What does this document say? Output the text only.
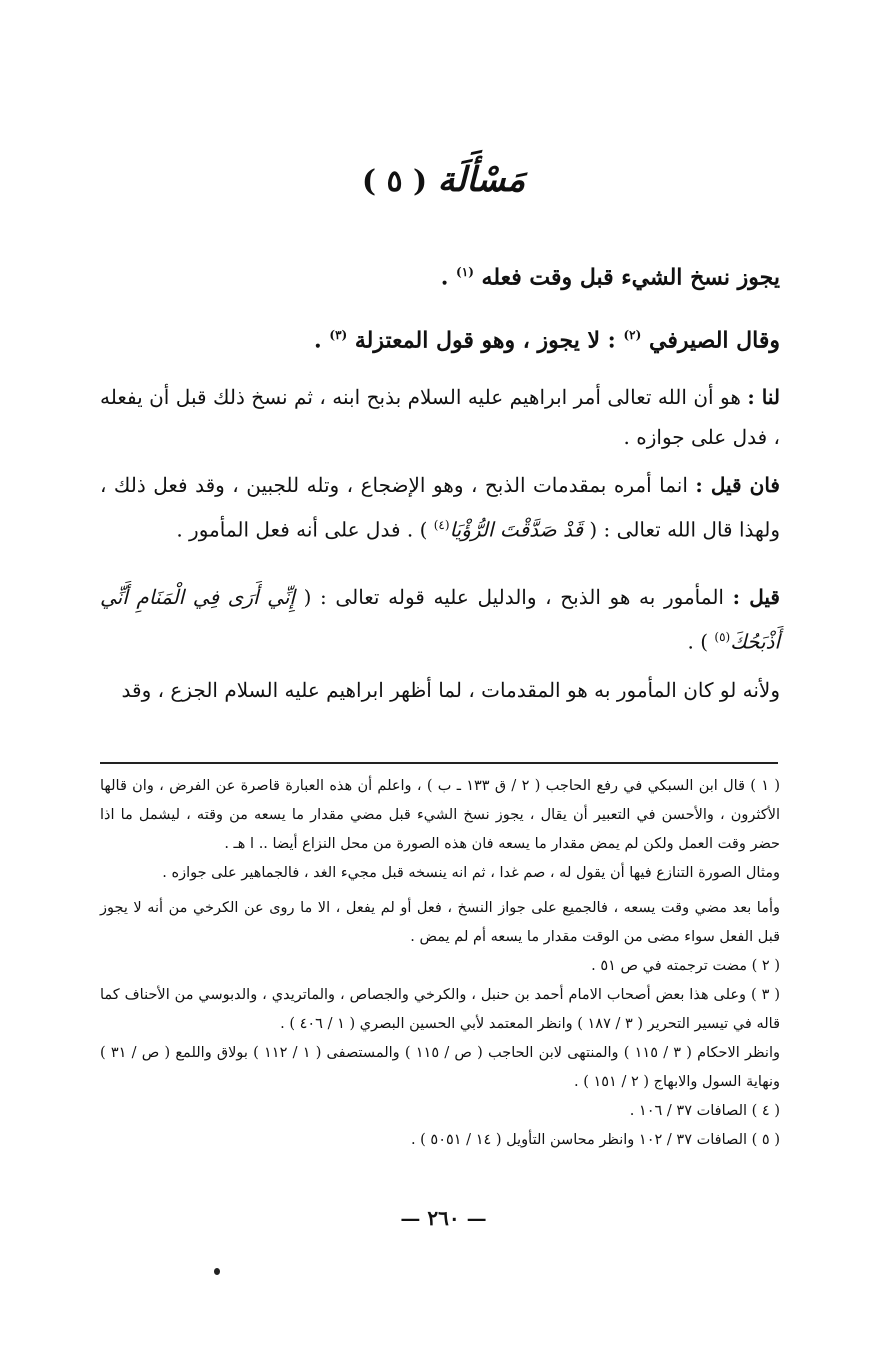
مَسْأَلَة ( ٥ )

يجوز نسخ الشيء قبل وقت فعله $^{(١)}$ .

وقال الصيرفي $^{(٢)}$ : لا يجوز ، وهو قول المعتزلة $^{(٣)}$ .

لنا : هو أن الله تعالى أمر ابراهيم عليه السلام بذبح ابنه ، ثم نسخ ذلك قبل أن يفعله ، فدل على جوازه .

فان قيل : انما أمره بمقدمات الذبح ، وهو الإضجاع ، وتله للجبين ، وقد فعل ذلك ، ولهذا قال الله تعالى : ( قَدْ صَدَّقْتَ الرُّؤْيَا$^{(٤)}$ ) . فدل على أنه فعل المأمور .

قيل : المأمور به هو الذبح ، والدليل عليه قوله تعالى : ( إِنِّي أَرَى فِي الْمَنَامِ أَنِّي أَذْبَحُكَ$^{(٥)}$ ) .

ولأنه لو كان المأمور به هو المقدمات ، لما أظهر ابراهيم عليه السلام الجزع ، وقد

( ١ ) قال ابن السبكي في رفع الحاجب ( ٢ / ق ١٣٣ ـ ب ) ، واعلم أن هذه العبارة قاصرة عن الفرض ، وان قالها الأكثرون ، والأحسن في التعبير أن يقال ، يجوز نسخ الشيء قبل مضي مقدار ما يسعه من وقته ، ليشمل ما اذا حضر وقت العمل ولكن لم يمض مقدار ما يسعه فان هذه الصورة من محل النزاع أيضا .. ا هـ .

ومثال الصورة التنازع فيها أن يقول له ، صم غدا ، ثم انه ينسخه قبل مجيء الغد ، فالجماهير على جوازه .

وأما بعد مضي وقت يسعه ، فالجميع على جواز النسخ ، فعل أو لم يفعل ، الا ما روى عن الكرخي من أنه لا يجوز قبل الفعل سواء مضى من الوقت مقدار ما يسعه أم لم يمض .

( ٢ ) مضت ترجمته في ص ٥١ .

( ٣ ) وعلى هذا بعض أصحاب الامام أحمد بن حنبل ، والكرخي والجصاص ، والماتريدي ، والدبوسي من الأحناف كما قاله في تيسير التحرير ( ٣ / ١٨٧ ) وانظر المعتمد لأبي الحسين البصري ( ١ / ٤٠٦ ) .

وانظر الاحكام ( ٣ / ١١٥ ) والمنتهى لابن الحاجب ( ص / ١١٥ ) والمستصفى ( ١ / ١١٢ ) بولاق واللمع ( ص / ٣١ ) ونهاية السول والابهاج ( ٢ / ١٥١ ) .

( ٤ ) الصافات ٣٧ / ١٠٦ .

( ٥ ) الصافات ٣٧ / ١٠٢ وانظر محاسن التأويل ( ١٤ / ٥٠٥١ ) .

— ٢٦٠ —
